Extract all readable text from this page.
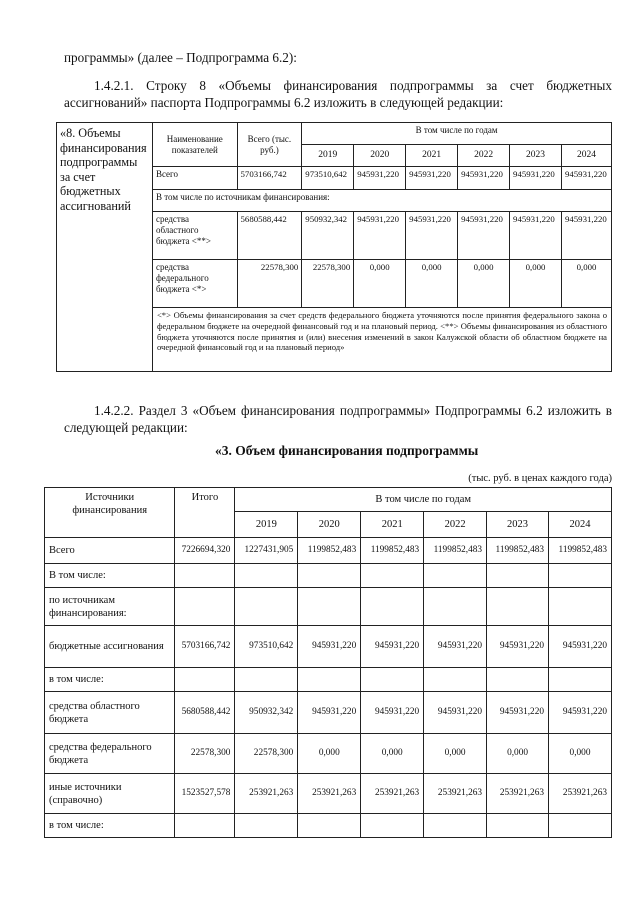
программы» (далее – Подпрограмма 6.2):

1.4.2.1. Строку 8 «Объемы финансирования подпрограммы за счет бюджетных ассигнований» паспорта Подпрограммы 6.2 изложить в следующей редакции:

«8. Объемы финансирования подпрограммы за счет бюджетных ассигнований	Наименование показателей	Всего (тыс. руб.)	В том числе по годам					
			2019	2020	2021	2022	2023	2024
	Всего	5703166,742	973510,642	945931,220	945931,220	945931,220	945931,220	945931,220
	В том числе по источникам финансирования:							
	средства областного бюджета <**>	5680588,442	950932,342	945931,220	945931,220	945931,220	945931,220	945931,220
	средства федерального бюджета <*>	22578,300	22578,300	0,000	0,000	0,000	0,000	0,000
	<*> Объемы финансирования за счет средств федерального бюджета уточняются после принятия федерального закона о федеральном бюджете на очередной финансовый год и на плановый период. <**> Объемы финансирования из областного бюджета уточняются после принятия и (или) внесения изменений в закон Калужской области об областном бюджете на очередной финансовый год и на плановый период»							

1.4.2.2. Раздел 3 «Объем финансирования подпрограммы» Подпрограммы 6.2 изложить в следующей редакции:

«3. Объем финансирования подпрограммы
(тыс. руб. в ценах каждого года)
Источники финансирования	Итого	В том числе по годам					
		2019	2020	2021	2022	2023	2024
Всего	7226694,320	1227431,905	1199852,483	1199852,483	1199852,483	1199852,483	1199852,483
В том числе:							
по источникам финансирования:							
бюджетные ассигнования	5703166,742	973510,642	945931,220	945931,220	945931,220	945931,220	945931,220
в том числе:							
средства областного бюджета	5680588,442	950932,342	945931,220	945931,220	945931,220	945931,220	945931,220
средства федерального бюджета	22578,300	22578,300	0,000	0,000	0,000	0,000	0,000
иные источники (справочно)	1523527,578	253921,263	253921,263	253921,263	253921,263	253921,263	253921,263
в том числе:							
